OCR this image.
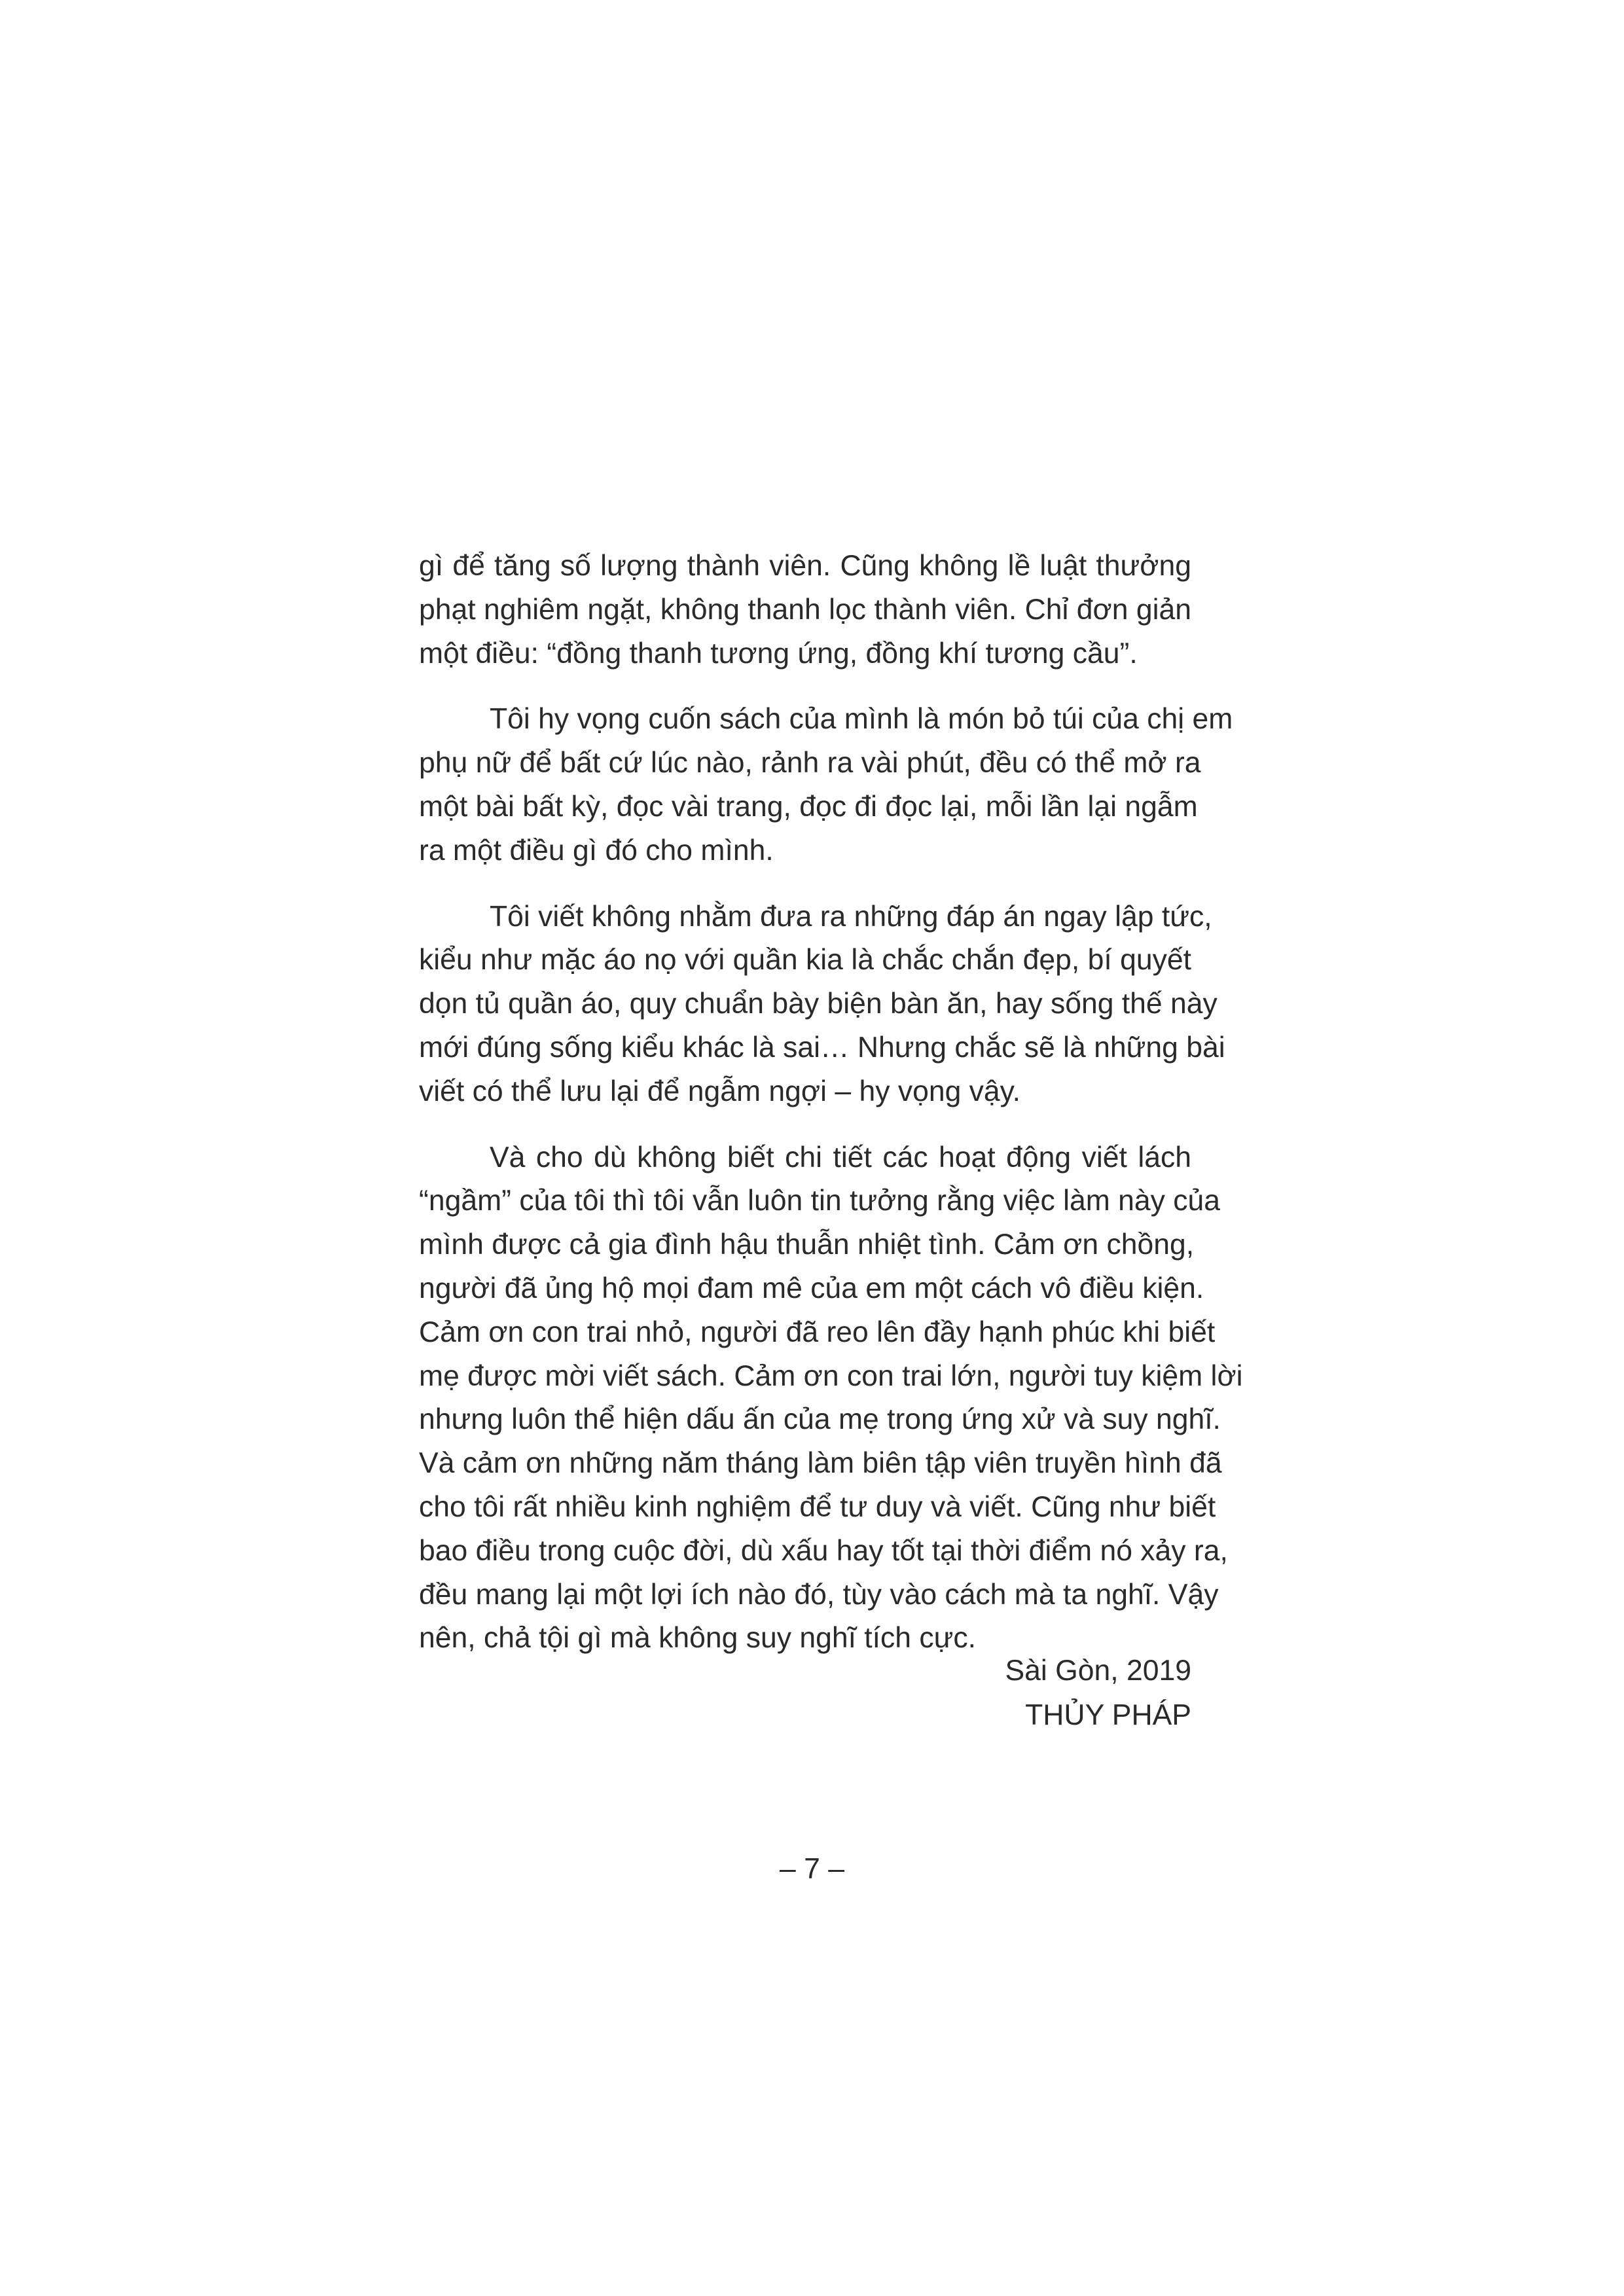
gì để tăng số lượng thành viên. Cũng không lề luật thưởng
phạt nghiêm ngặt, không thanh lọc thành viên. Chỉ đơn giản
một điều: “đồng thanh tương ứng, đồng khí tương cầu”.
Tôi hy vọng cuốn sách của mình là món bỏ túi của chị em
phụ nữ để bất cứ lúc nào, rảnh ra vài phút, đều có thể mở ra
một bài bất kỳ, đọc vài trang, đọc đi đọc lại, mỗi lần lại ngẫm
ra một điều gì đó cho mình.
Tôi viết không nhằm đưa ra những đáp án ngay lập tức,
kiểu như mặc áo nọ với quần kia là chắc chắn đẹp, bí quyết
dọn tủ quần áo, quy chuẩn bày biện bàn ăn, hay sống thế này
mới đúng sống kiểu khác là sai… Nhưng chắc sẽ là những bài
viết có thể lưu lại để ngẫm ngợi – hy vọng vậy.
Và cho dù không biết chi tiết các hoạt động viết lách
“ngầm” của tôi thì tôi vẫn luôn tin tưởng rằng việc làm này của
mình được cả gia đình hậu thuẫn nhiệt tình. Cảm ơn chồng,
người đã ủng hộ mọi đam mê của em một cách vô điều kiện.
Cảm ơn con trai nhỏ, người đã reo lên đầy hạnh phúc khi biết
mẹ được mời viết sách. Cảm ơn con trai lớn, người tuy kiệm lời
nhưng luôn thể hiện dấu ấn của mẹ trong ứng xử và suy nghĩ.
Và cảm ơn những năm tháng làm biên tập viên truyền hình đã
cho tôi rất nhiều kinh nghiệm để tư duy và viết. Cũng như biết
bao điều trong cuộc đời, dù xấu hay tốt tại thời điểm nó xảy ra,
đều mang lại một lợi ích nào đó, tùy vào cách mà ta nghĩ. Vậy
nên, chả tội gì mà không suy nghĩ tích cực.
Sài Gòn, 2019
THỦY PHÁP
– 7 –
